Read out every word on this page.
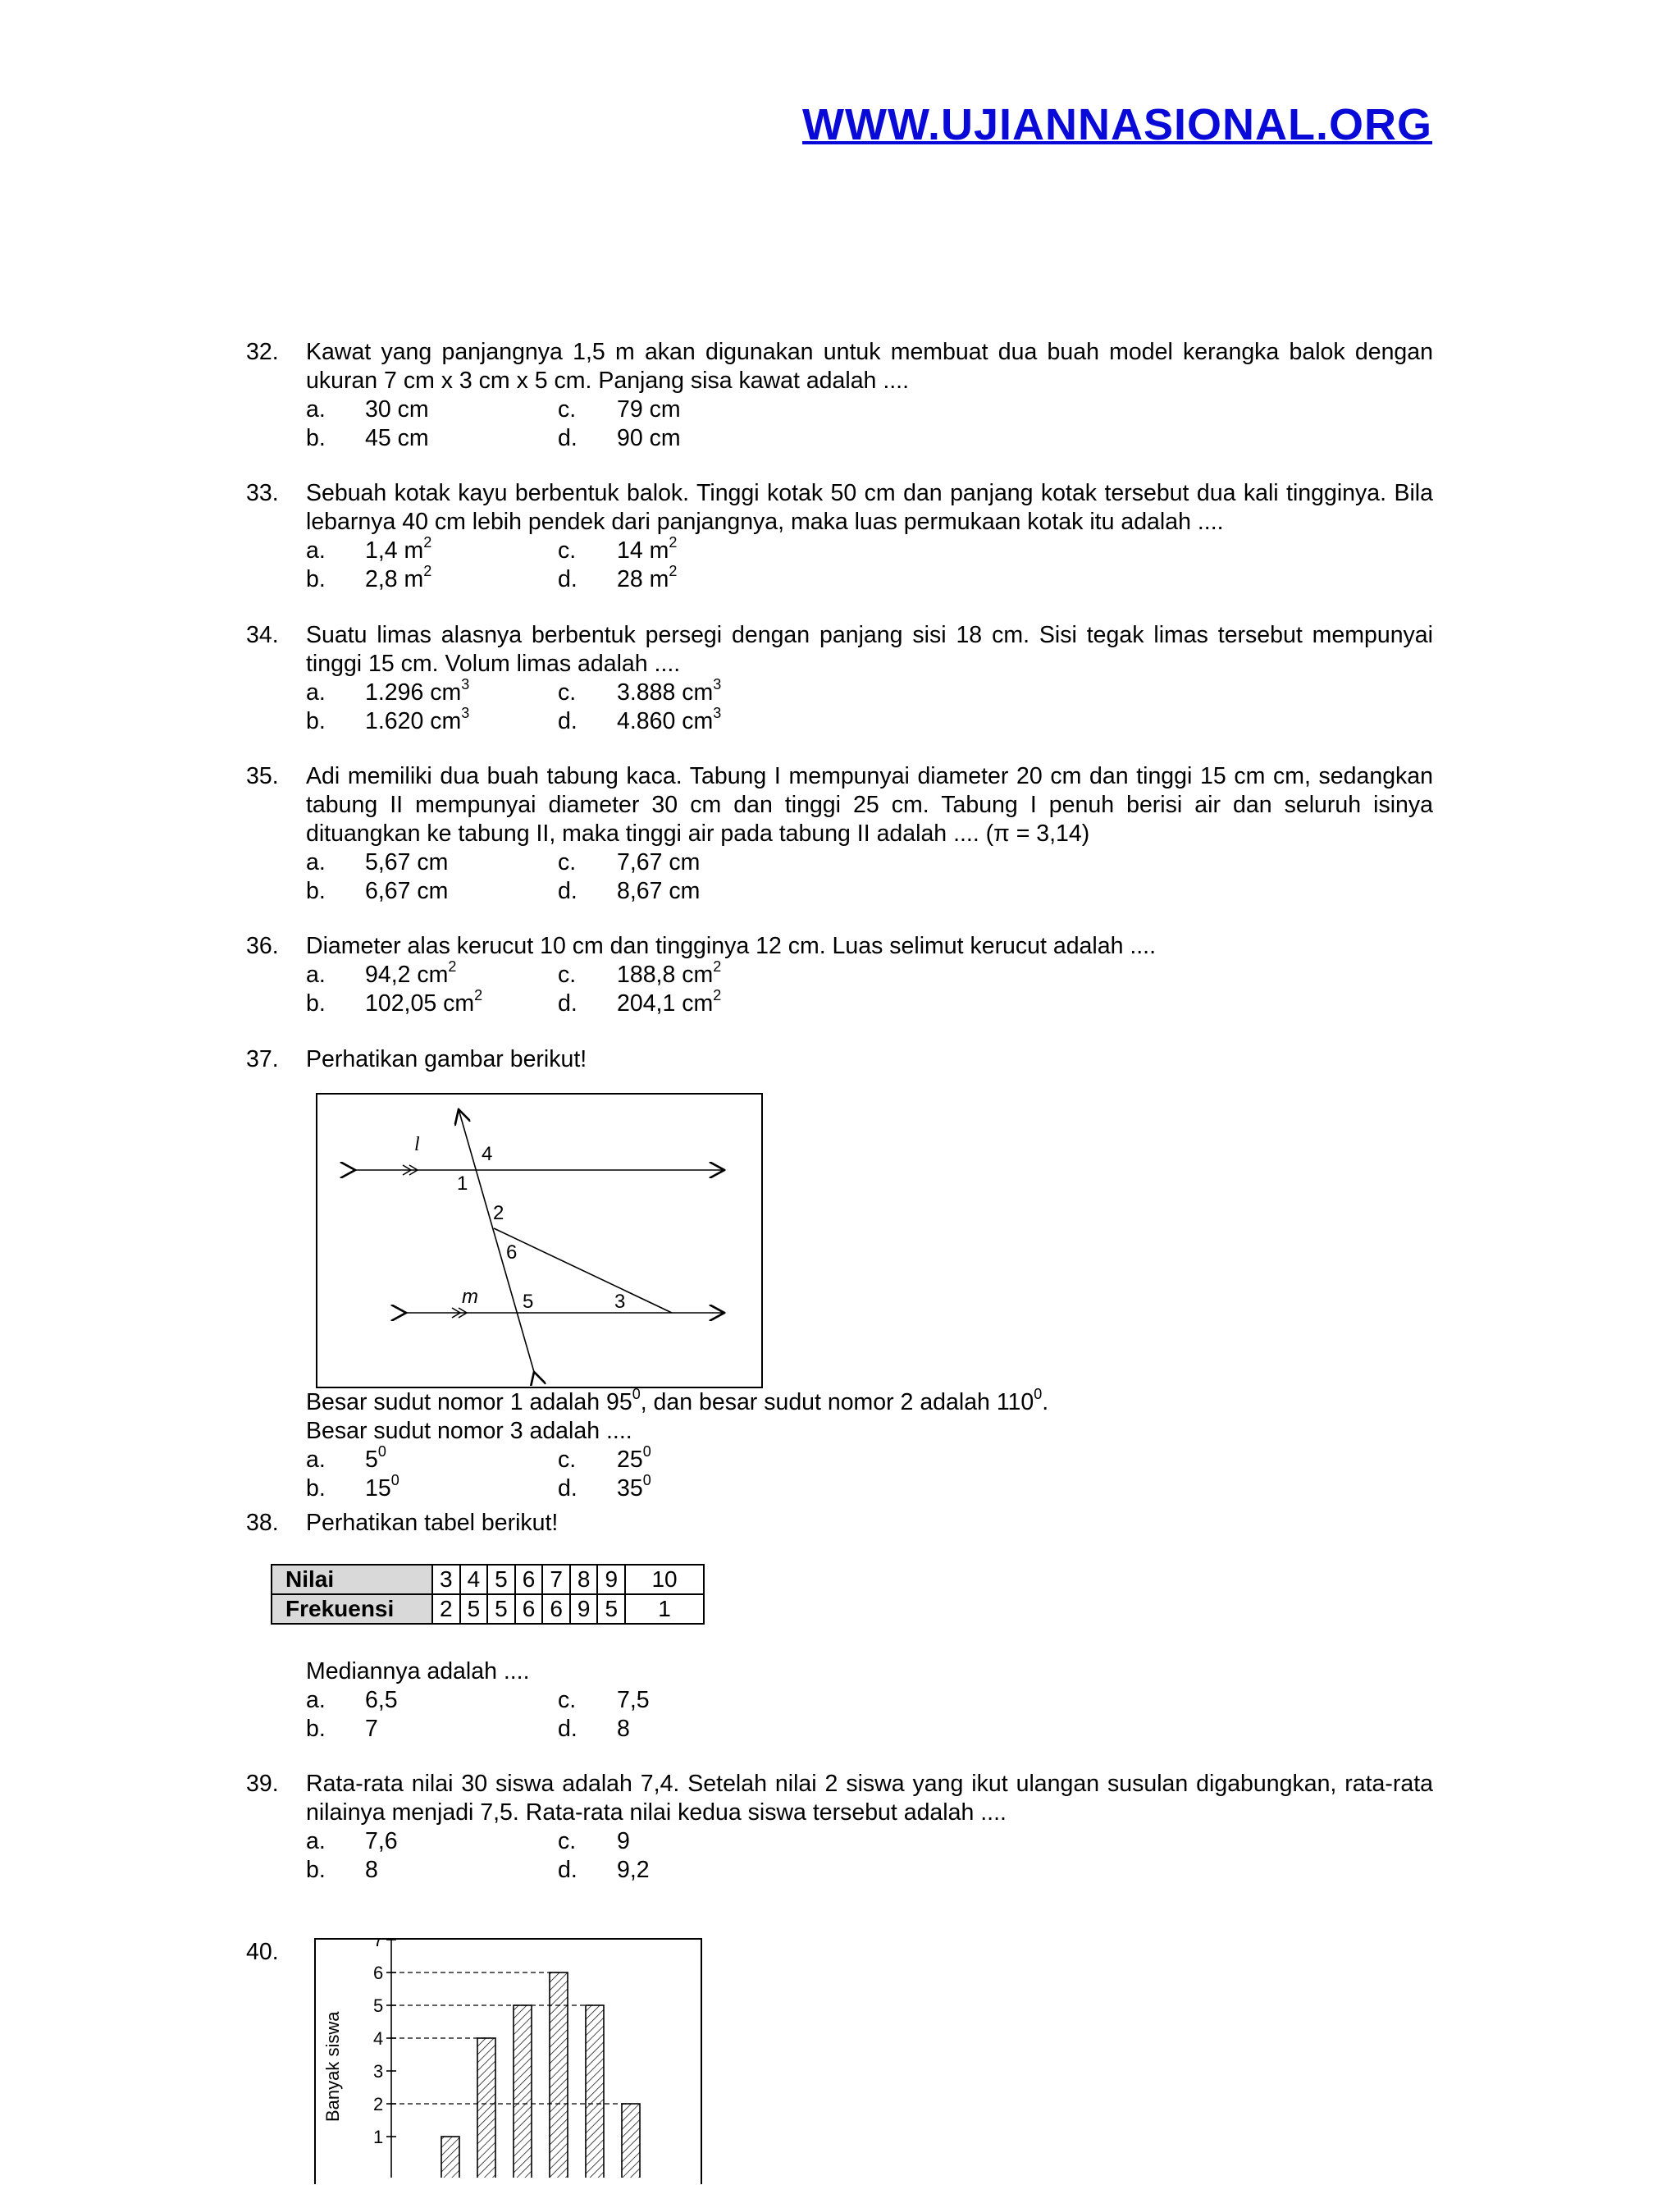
WWW.UJIANNASIONAL.ORG
32. Kawat yang panjangnya 1,5 m akan digunakan untuk membuat dua buah model kerangka balok dengan ukuran 7 cm x 3 cm x 5 cm. Panjang sisa kawat adalah ....
a. 30 cm	c. 79 cm
b. 45 cm	d. 90 cm
33. Sebuah kotak kayu berbentuk balok. Tinggi kotak 50 cm dan panjang kotak tersebut dua kali tingginya. Bila lebarnya 40 cm lebih pendek dari panjangnya, maka luas permukaan kotak itu adalah ....
a. 1,4 $m^2$	c. 14 $m^2$
b. 2,8 $m^2$	d. 28 $m^2$
34. Suatu limas alasnya berbentuk persegi dengan panjang sisi 18 cm. Sisi tegak limas tersebut mempunyai tinggi 15 cm. Volum limas adalah ....
a. 1.296 $cm^3$	c. 3.888 $cm^3$
b. 1.620 $cm^3$	d. 4.860 $cm^3$
35. Adi memiliki dua buah tabung kaca. Tabung I mempunyai diameter 20 cm dan tinggi 15 cm cm, sedangkan tabung II mempunyai diameter 30 cm dan tinggi 25 cm. Tabung I penuh berisi air dan seluruh isinya dituangkan ke tabung II, maka tinggi air pada tabung II adalah .... (π = 3,14)
a. 5,67 cm	c. 7,67 cm
b. 6,67 cm	d. 8,67 cm
36. Diameter alas kerucut 10 cm dan tingginya 12 cm. Luas selimut kerucut adalah ....
a. 94,2 $cm^2$	c. 188,8 $cm^2$
b. 102,05 $cm^2$	d. 204,1 $cm^2$
37. Perhatikan gambar berikut!
l
m
4
1
2
6
5	3
Besar sudut nomor 1 adalah $95^0$, dan besar sudut nomor 2 adalah $110^0$.
Besar sudut nomor 3 adalah ....
a. $5^0$	c. $25^0$
b. $15^0$	d. $35^0$
38. Perhatikan tabel berikut!
Nilai	3	4	5	6	7	8	9	10
Frekuensi	2	5	5	6	6	9	5	1
Mediannya adalah ....
a. 6,5	c. 7,5
b. 7	d. 8
39. Rata-rata nilai 30 siswa adalah 7,4. Setelah nilai 2 siswa yang ikut ulangan susulan digabungkan, rata-rata nilainya menjadi 7,5. Rata-rata nilai kedua siswa tersebut adalah ....
a. 7,6	c. 9
b. 8	d. 9,2
40.
Banyak siswa
1
2
3
4
5
6
7
